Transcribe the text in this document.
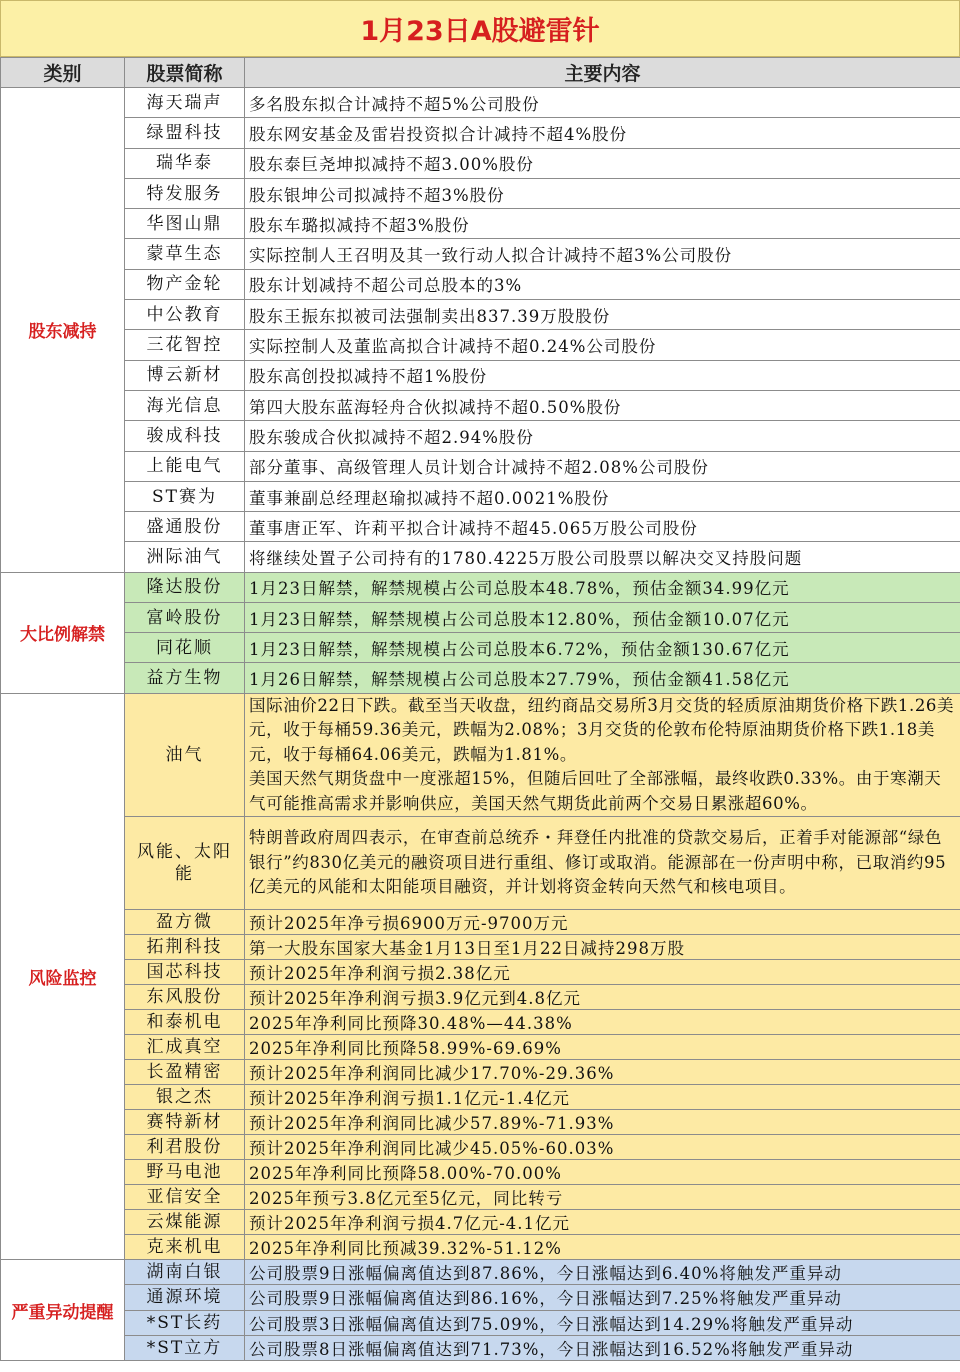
1月23日A股避雷针
类别	股票简称	主要内容
股东减持	海天瑞声	多名股东拟合计减持不超5%公司股份
	绿盟科技	股东网安基金及雷岩投资拟合计减持不超4%股份
	瑞华泰	股东泰巨尧坤拟减持不超3.00%股份
	特发服务	股东银坤公司拟减持不超3%股份
	华图山鼎	股东车璐拟减持不超3%股份
	蒙草生态	实际控制人王召明及其一致行动人拟合计减持不超3%公司股份
	物产金轮	股东计划减持不超公司总股本的3%
	中公教育	股东王振东拟被司法强制卖出837.39万股股份
	三花智控	实际控制人及董监高拟合计减持不超0.24%公司股份
	博云新材	股东高创投拟减持不超1%股份
	海光信息	第四大股东蓝海轻舟合伙拟减持不超0.50%股份
	骏成科技	股东骏成合伙拟减持不超2.94%股份
	上能电气	部分董事、高级管理人员计划合计减持不超2.08%公司股份
	ST赛为	董事兼副总经理赵瑜拟减持不超0.0021%股份
	盛通股份	董事唐正军、许莉平拟合计减持不超45.065万股公司股份
	洲际油气	将继续处置子公司持有的1780.4225万股公司股票以解决交叉持股问题
大比例解禁	隆达股份	1月23日解禁，解禁规模占公司总股本48.78%，预估金额34.99亿元
	富岭股份	1月23日解禁，解禁规模占公司总股本12.80%，预估金额10.07亿元
	同花顺	1月23日解禁，解禁规模占公司总股本6.72%，预估金额130.67亿元
	益方生物	1月26日解禁，解禁规模占公司总股本27.79%，预估金额41.58亿元
风险监控	油气	国际油价22日下跌。截至当天收盘，纽约商品交易所3月交货的轻质原油期货价格下跌1.26美元，收于每桶59.36美元，跌幅为2.08%；3月交货的伦敦布伦特原油期货价格下跌1.18美元，收于每桶64.06美元，跌幅为1.81%。
美国天然气期货盘中一度涨超15%，但随后回吐了全部涨幅，最终收跌0.33%。由于寒潮天气可能推高需求并影响供应，美国天然气期货此前两个交易日累涨超60%。

	风能、太阳能	特朗普政府周四表示，在审查前总统乔・拜登任内批准的贷款交易后，正着手对能源部“绿色银行”约830亿美元的融资项目进行重组、修订或取消。能源部在一份声明中称，已取消约95亿美元的风能和太阳能项目融资，并计划将资金转向天然气和核电项目。

	盈方微	预计2025年净亏损6900万元-9700万元
	拓荆科技	第一大股东国家大基金1月13日至1月22日减持298万股
	国芯科技	预计2025年净利润亏损2.38亿元
	东风股份	预计2025年净利润亏损3.9亿元到4.8亿元
	和泰机电	2025年净利同比预降30.48%—44.38%
	汇成真空	2025年净利同比预降58.99%-69.69%
	长盈精密	预计2025年净利润同比减少17.70%-29.36%
	银之杰	预计2025年净利润亏损1.1亿元-1.4亿元
	赛特新材	预计2025年净利润同比减少57.89%-71.93%
	利君股份	预计2025年净利润同比减少45.05%-60.03%
	野马电池	2025年净利同比预降58.00%-70.00%
	亚信安全	2025年预亏3.8亿元至5亿元，同比转亏
	云煤能源	预计2025年净利润亏损4.7亿元-4.1亿元
	克来机电	2025年净利同比预减39.32%-51.12%
严重异动提醒	湖南白银	公司股票9日涨幅偏离值达到87.86%，今日涨幅达到6.40%将触发严重异动
	通源环境	公司股票9日涨幅偏离值达到86.16%，今日涨幅达到7.25%将触发严重异动
	*ST长药	公司股票3日涨幅偏离值达到75.09%，今日涨幅达到14.29%将触发严重异动
	*ST立方	公司股票8日涨幅偏离值达到71.73%，今日涨幅达到16.52%将触发严重异动
